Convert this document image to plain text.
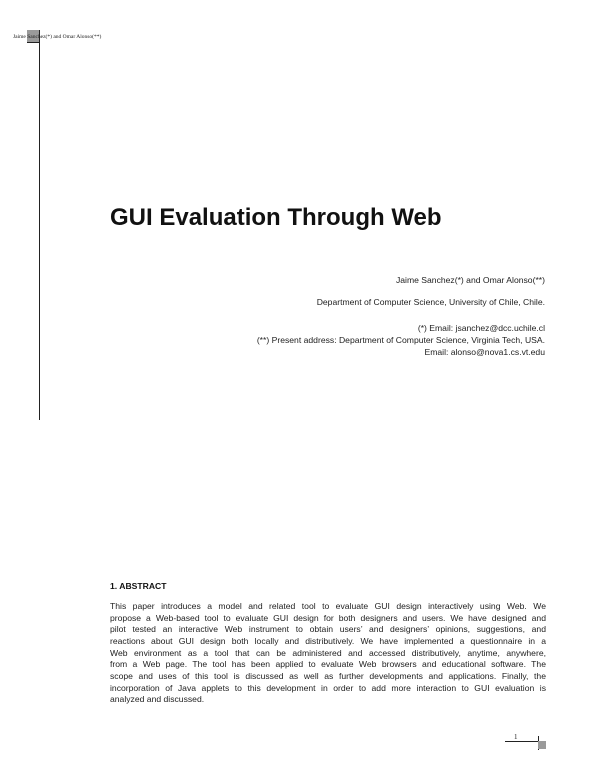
Jaime Sanchez(*) and Omar Alonso(**)
GUI Evaluation Through Web
Jaime Sanchez(*) and Omar Alonso(**)
Department of Computer Science, University of Chile, Chile.
(*) Email: jsanchez@dcc.uchile.cl
(**) Present address: Department of Computer Science, Virginia Tech, USA.
Email: alonso@nova1.cs.vt.edu
1. ABSTRACT
This paper introduces a model and related tool to evaluate GUI design interactively using Web. We
propose a Web-based tool to evaluate GUI design for both designers and users. We have designed and
pilot tested an interactive Web instrument to obtain users’ and designers’ opinions, suggestions, and
reactions about GUI design both locally and distributively. We have implemented a questionnaire in a
Web environment as a tool that can be administered and accessed distributively, anytime, anywhere,
from a Web page. The tool has been applied to evaluate Web browsers and educational software. The
scope and uses of this tool is discussed as well as further developments and applications. Finally, the
incorporation of Java applets to this development in order to add more interaction to GUI evaluation is
analyzed and discussed.
1
